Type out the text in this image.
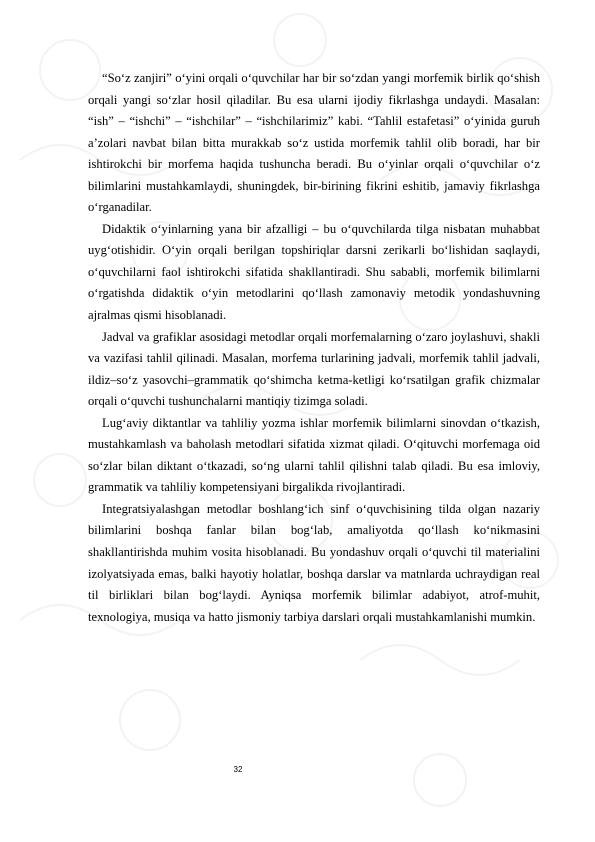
“So‘z zanjiri” o‘yini orqali o‘quvchilar har bir so‘zdan yangi morfemik birlik qo‘shish orqali yangi so‘zlar hosil qiladilar. Bu esa ularni ijodiy fikrlashga undaydi. Masalan: “ish” – “ishchi” – “ishchilar” – “ishchilarimiz” kabi. “Tahlil estafetasi” o‘yinida guruh a’zolari navbat bilan bitta murakkab so‘z ustida morfemik tahlil olib boradi, har bir ishtirokchi bir morfema haqida tushuncha beradi. Bu o‘yinlar orqali o‘quvchilar o‘z bilimlarini mustahkamlaydi, shuningdek, bir-birining fikrini eshitib, jamaviy fikrlashga o‘rganadilar.

Didaktik o‘yinlarning yana bir afzalligi – bu o‘quvchilarda tilga nisbatan muhabbat uyg‘otishidir. O‘yin orqali berilgan topshiriqlar darsni zerikarli bo‘lishidan saqlaydi, o‘quvchilarni faol ishtirokchi sifatida shakllantiradi. Shu sababli, morfemik bilimlarni o‘rgatishda didaktik o‘yin metodlarini qo‘llash zamonaviy metodik yondashuvning ajralmas qismi hisoblanadi.

Jadval va grafiklar asosidagi metodlar orqali morfemalarning o‘zaro joylashuvi, shakli va vazifasi tahlil qilinadi. Masalan, morfema turlarining jadvali, morfemik tahlil jadvali, ildiz–so‘z yasovchi–grammatik qo‘shimcha ketma-ketligi ko‘rsatilgan grafik chizmalar orqali o‘quvchi tushunchalarni mantiqiy tizimga soladi.

Lug‘aviy diktantlar va tahliliy yozma ishlar morfemik bilimlarni sinovdan o‘tkazish, mustahkamlash va baholash metodlari sifatida xizmat qiladi. O‘qituvchi morfemaga oid so‘zlar bilan diktant o‘tkazadi, so‘ng ularni tahlil qilishni talab qiladi. Bu esa imloviy, grammatik va tahliliy kompetensiyani birgalikda rivojlantiradi.

Integratsiyalashgan metodlar boshlang‘ich sinf o‘quvchisining tilda olgan nazariy bilimlarini boshqa fanlar bilan bog‘lab, amaliyotda qo‘llash ko‘nikmasini shakllantirishda muhim vosita hisoblanadi. Bu yondashuv orqali o‘quvchi til materialini izolyatsiyada emas, balki hayotiy holatlar, boshqa darslar va matnlarda uchraydigan real til birliklari bilan bog‘laydi. Ayniqsa morfemik bilimlar adabiyot, atrof-muhit, texnologiya, musiqa va hatto jismoniy tarbiya darslari orqali mustahkamlanishi mumkin.

32
